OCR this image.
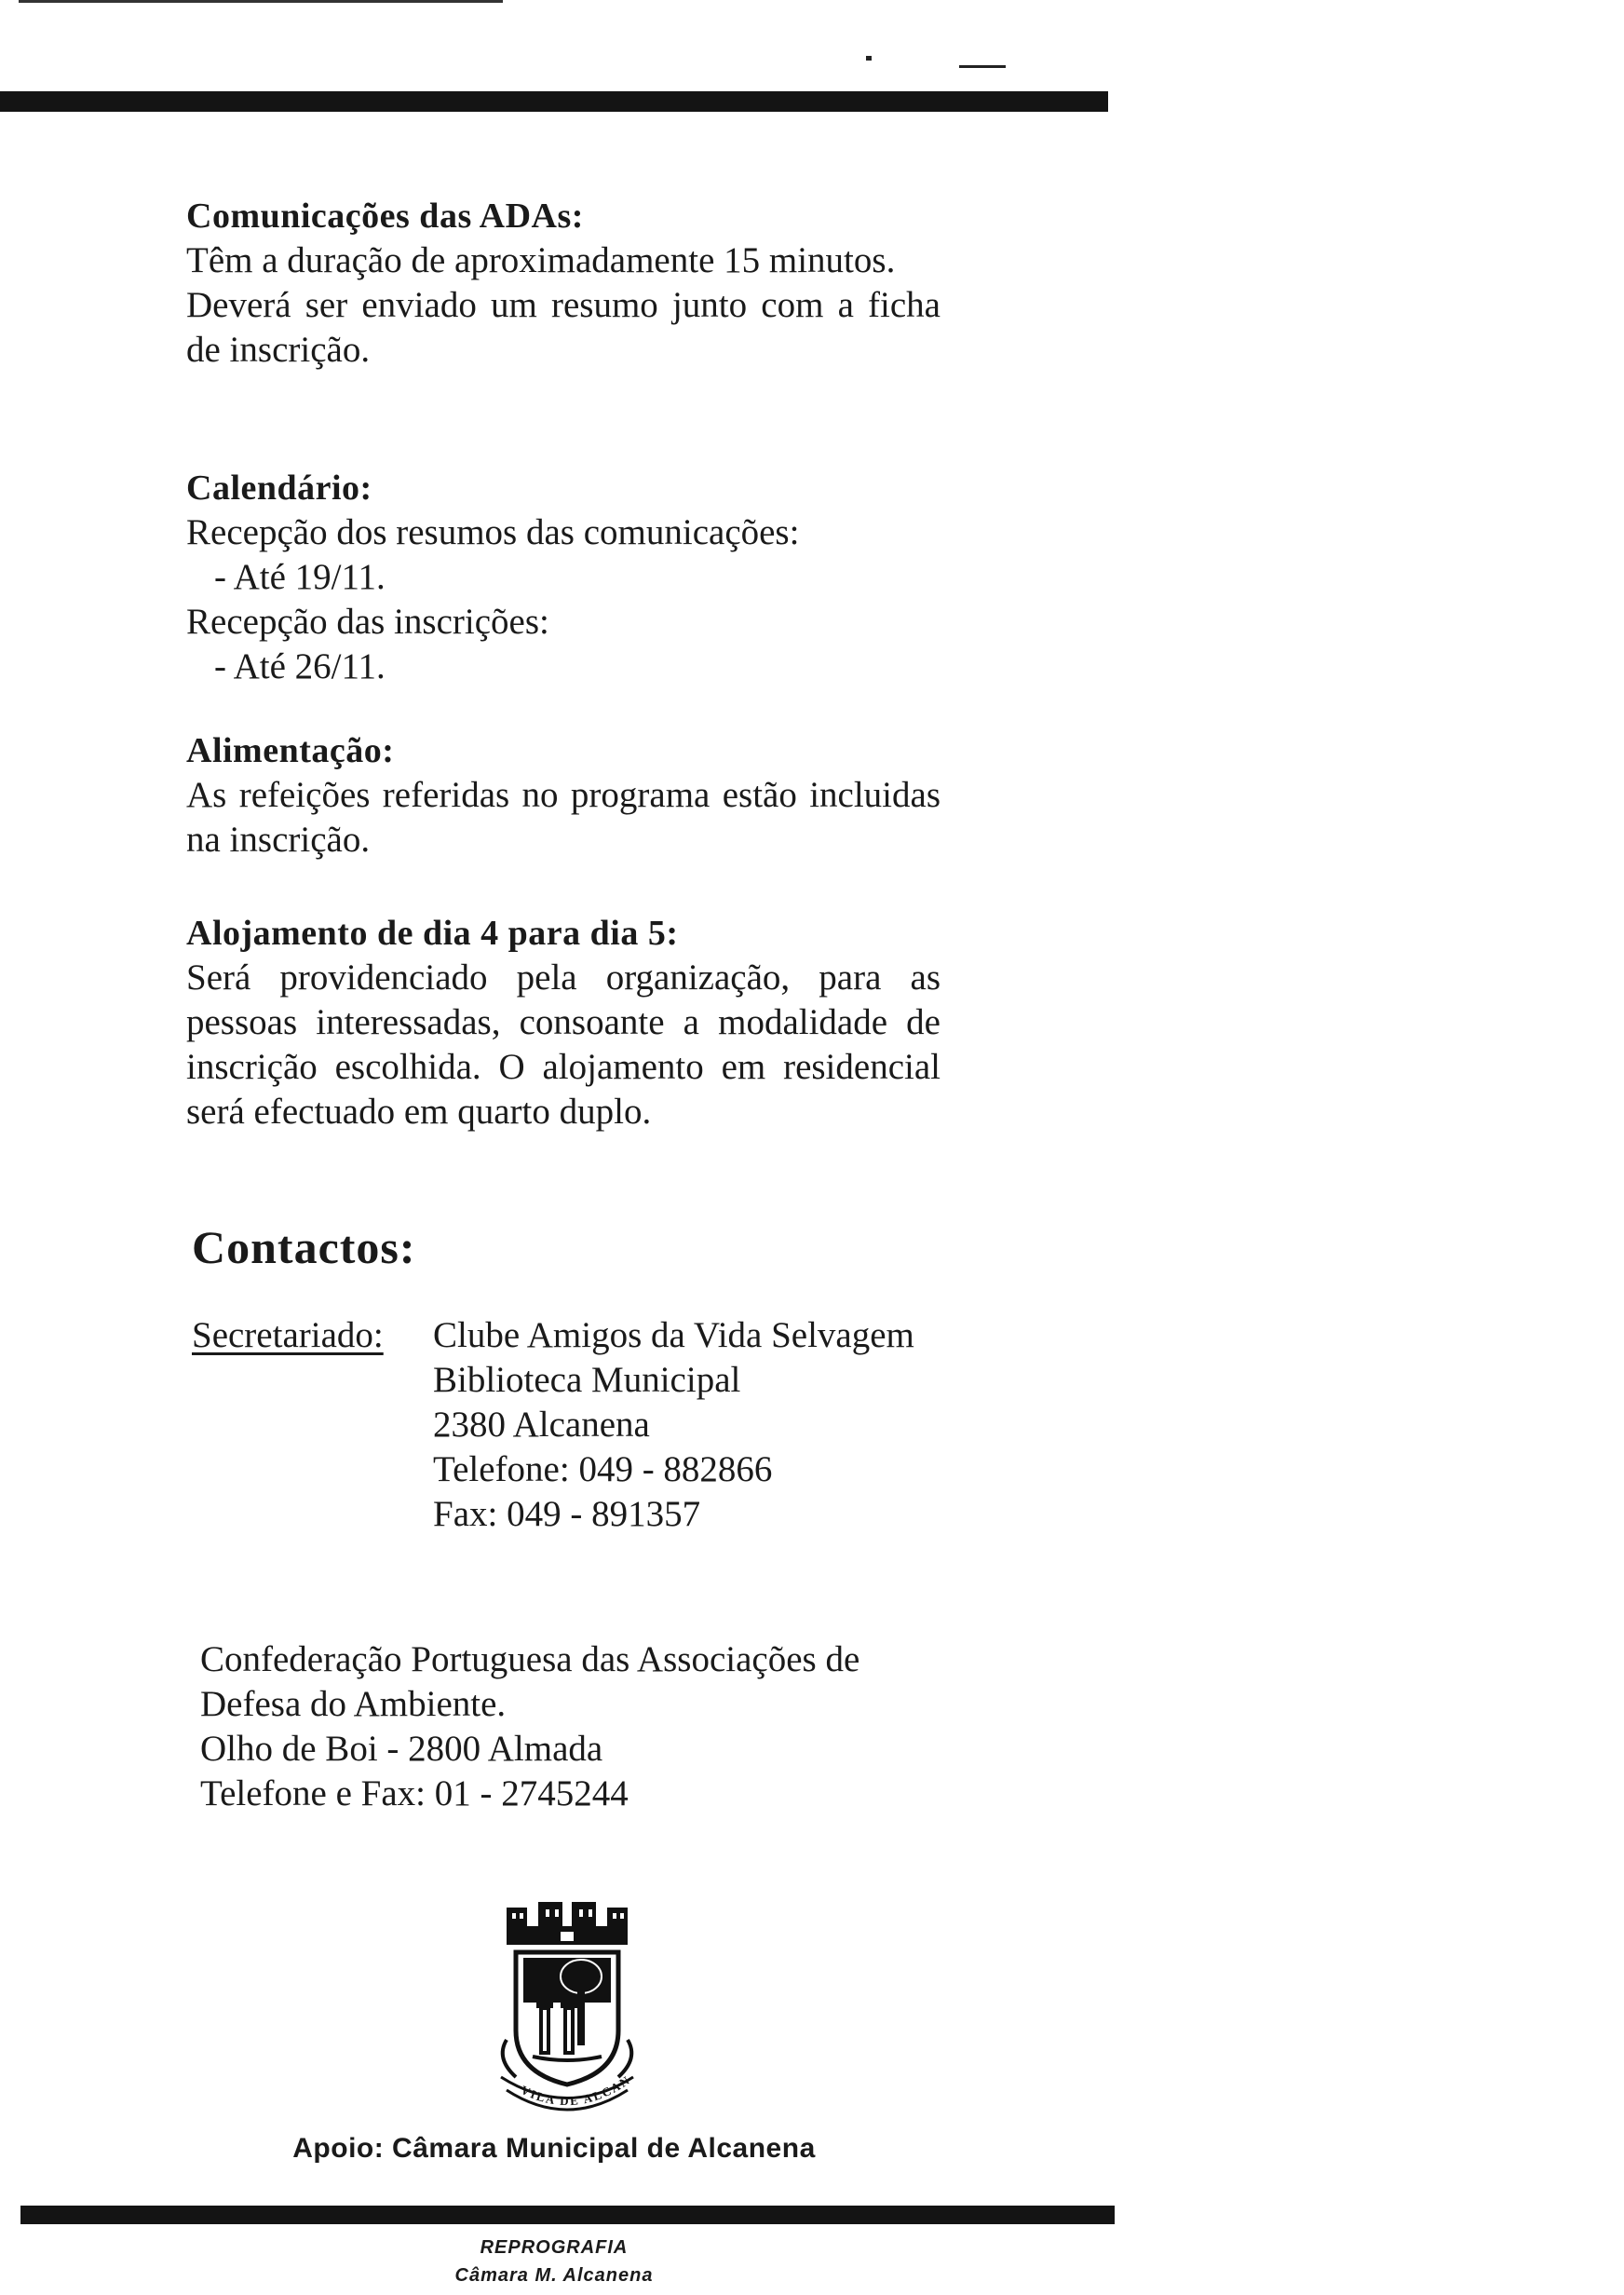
Comunicações das ADAs:
Têm a duração de aproximadamente 15 minutos.
Deverá ser enviado um resumo junto com a ficha de inscrição.
Calendário:
Recepção dos resumos das comunicações:
- Até 19/11.
Recepção das inscrições:
- Até 26/11.
Alimentação:
As refeições referidas no programa estão incluidas na inscrição.
Alojamento de dia 4 para dia 5:
Será providenciado pela organização, para as pessoas interessadas, consoante a modalidade de inscrição escolhida. O alojamento em residencial será efectuado em quarto duplo.
Contactos:
Secretariado: Clube Amigos da Vida Selvagem
Biblioteca Municipal
2380 Alcanena
Telefone: 049 - 882866
Fax: 049 - 891357
Confederação Portuguesa das Associações de
Defesa do Ambiente.
Olho de Boi - 2800 Almada
Telefone e Fax: 01 - 2745244
VILA DE ALCAN
Apoio: Câmara Municipal de Alcanena
REPROGRAFIA
Câmara M. Alcanena
